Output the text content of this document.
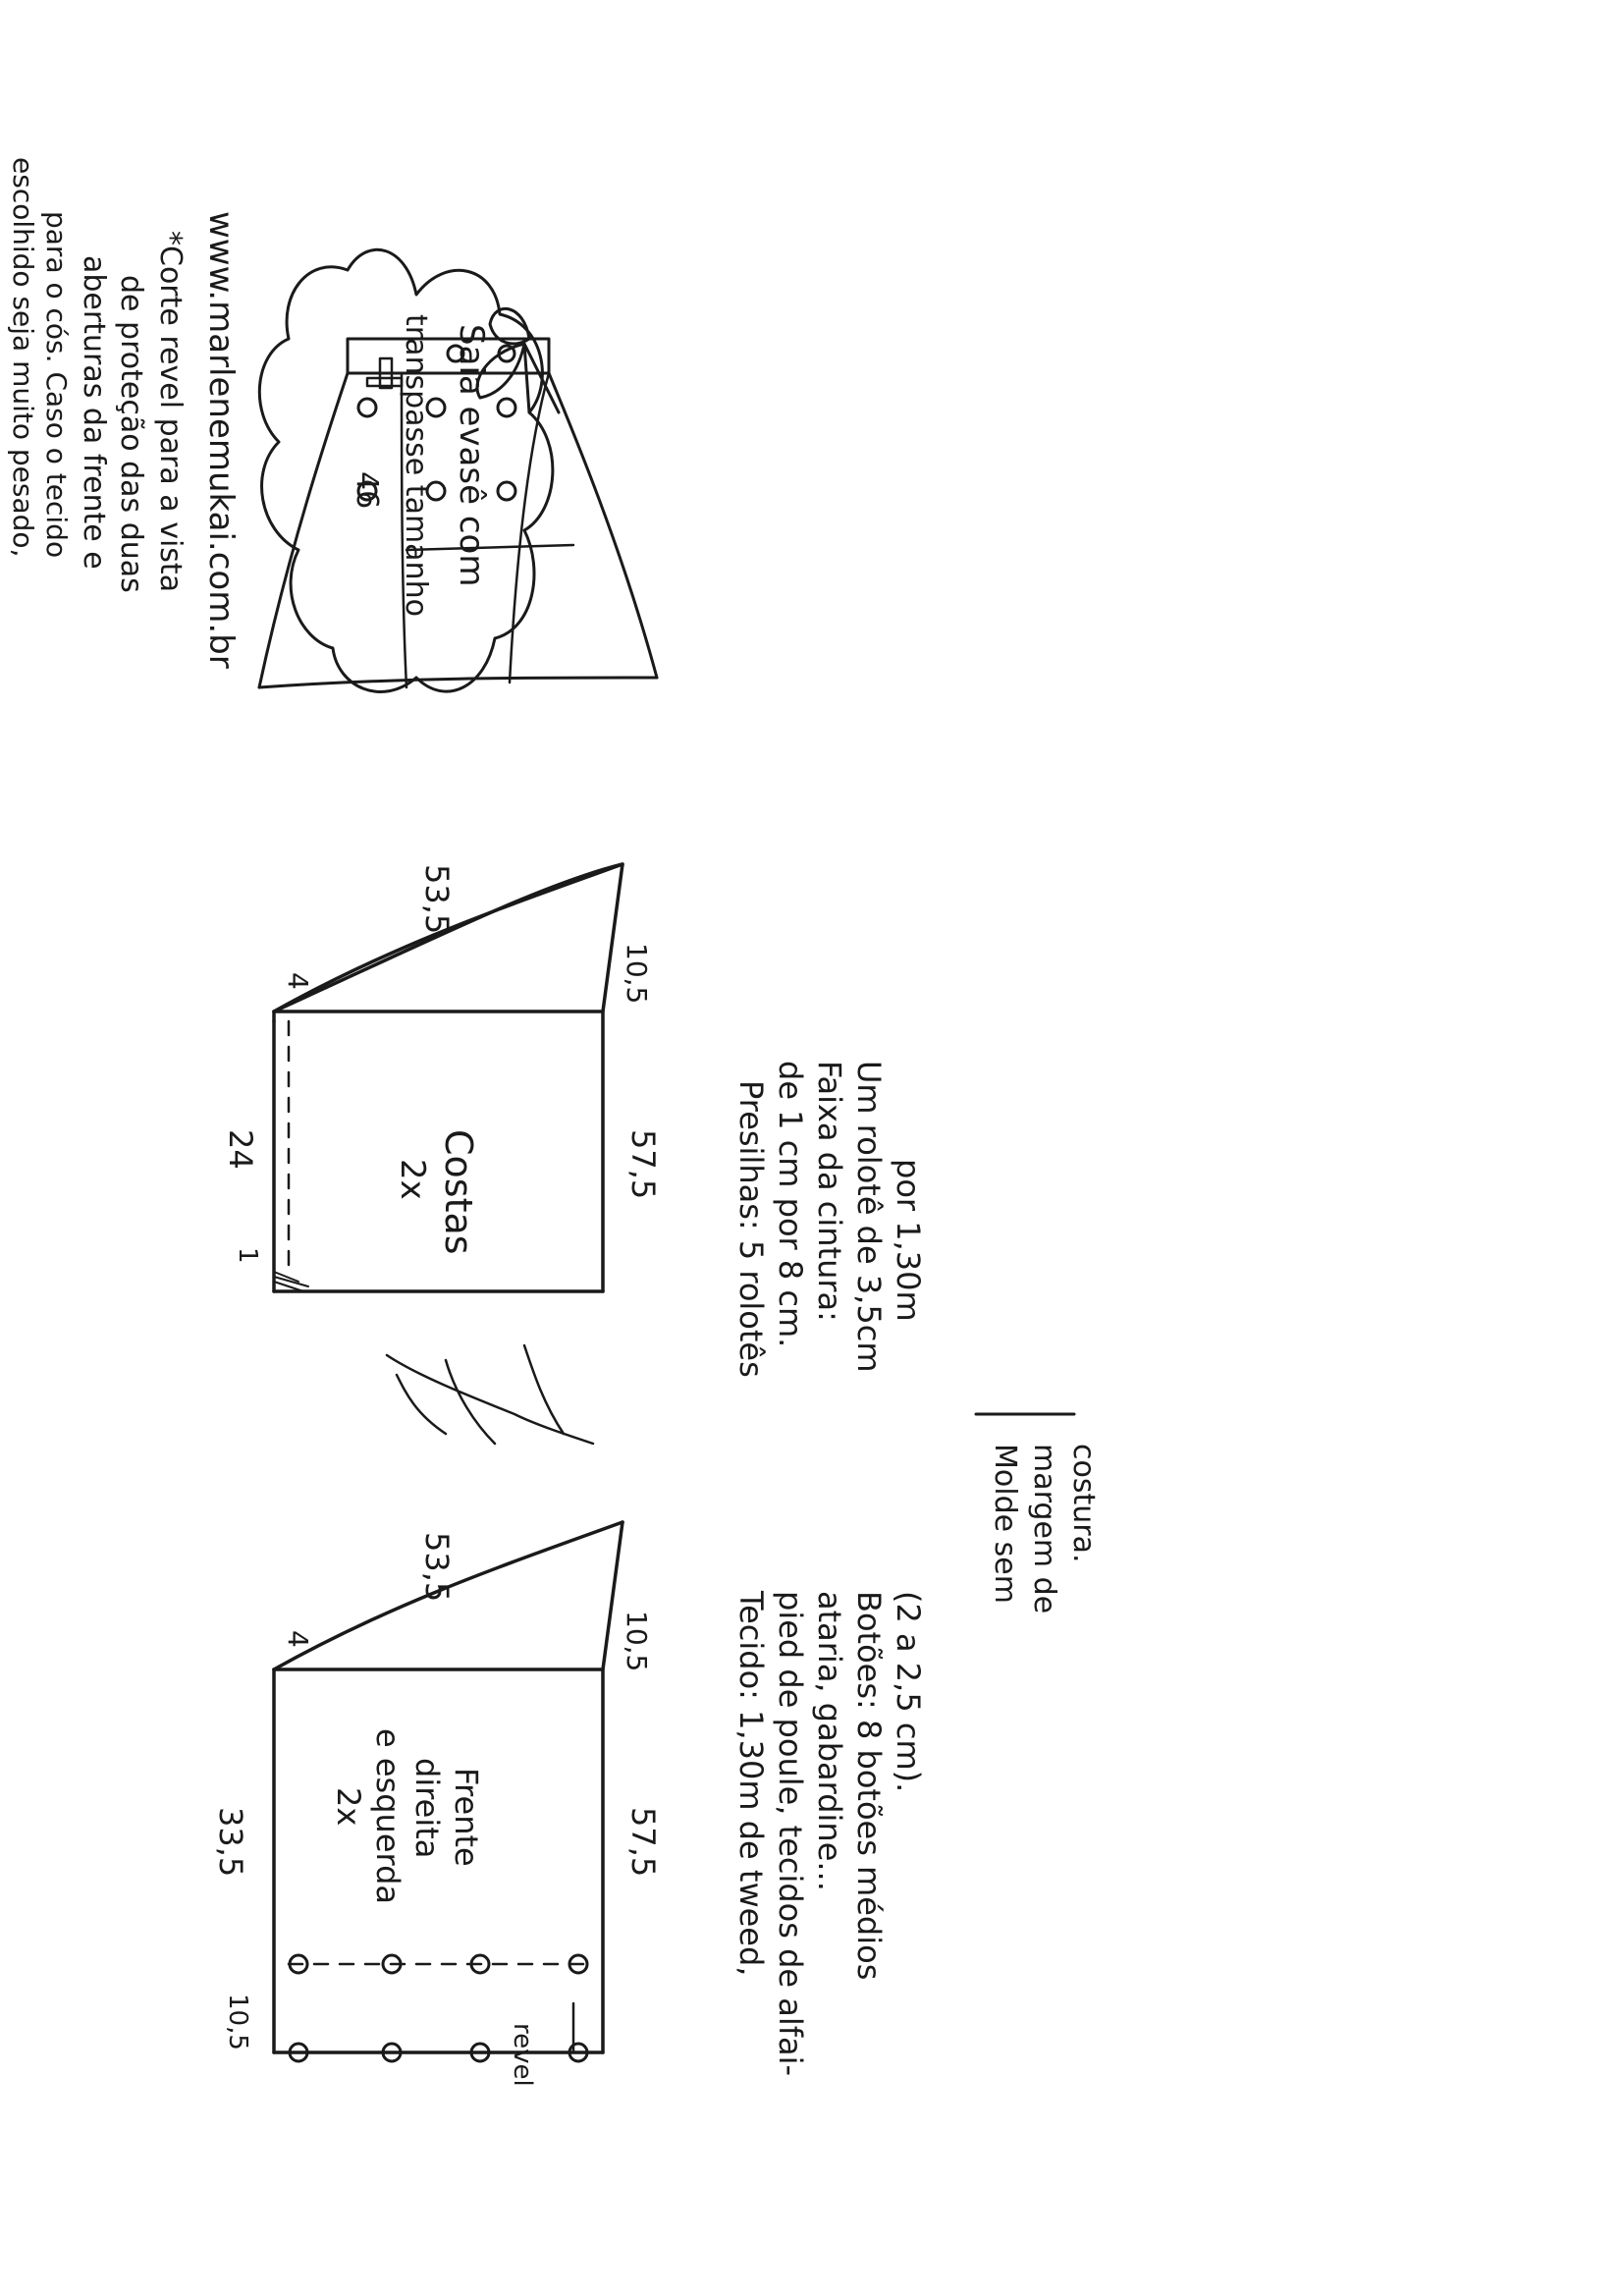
Saia evasê com
transpasse tamanho
46
www.marlenemukai.com.br
*Corte revel para a vista
de proteção das duas
aberturas da frente e
para o cós. Caso o tecido
escolhido seja muito pesado,
Costas
2x
Frente
direita
e esquerda
2x
revel
4
53,5
10,5
24	57,5
1
4
53,5
10,5
33,5
10,5
57,5
Presilhas: 5 rolotês de 1 cm por 8 cm. Faixa da cintura: Um rolotê de 3,5cm por 1,30m
Tecido: 1,30m de tweed, pied de poule, tecidos de alfai- ataria, gabardine... Botões: 8 botões médios (2 a 2,5 cm).
Molde sem margem de costura.
